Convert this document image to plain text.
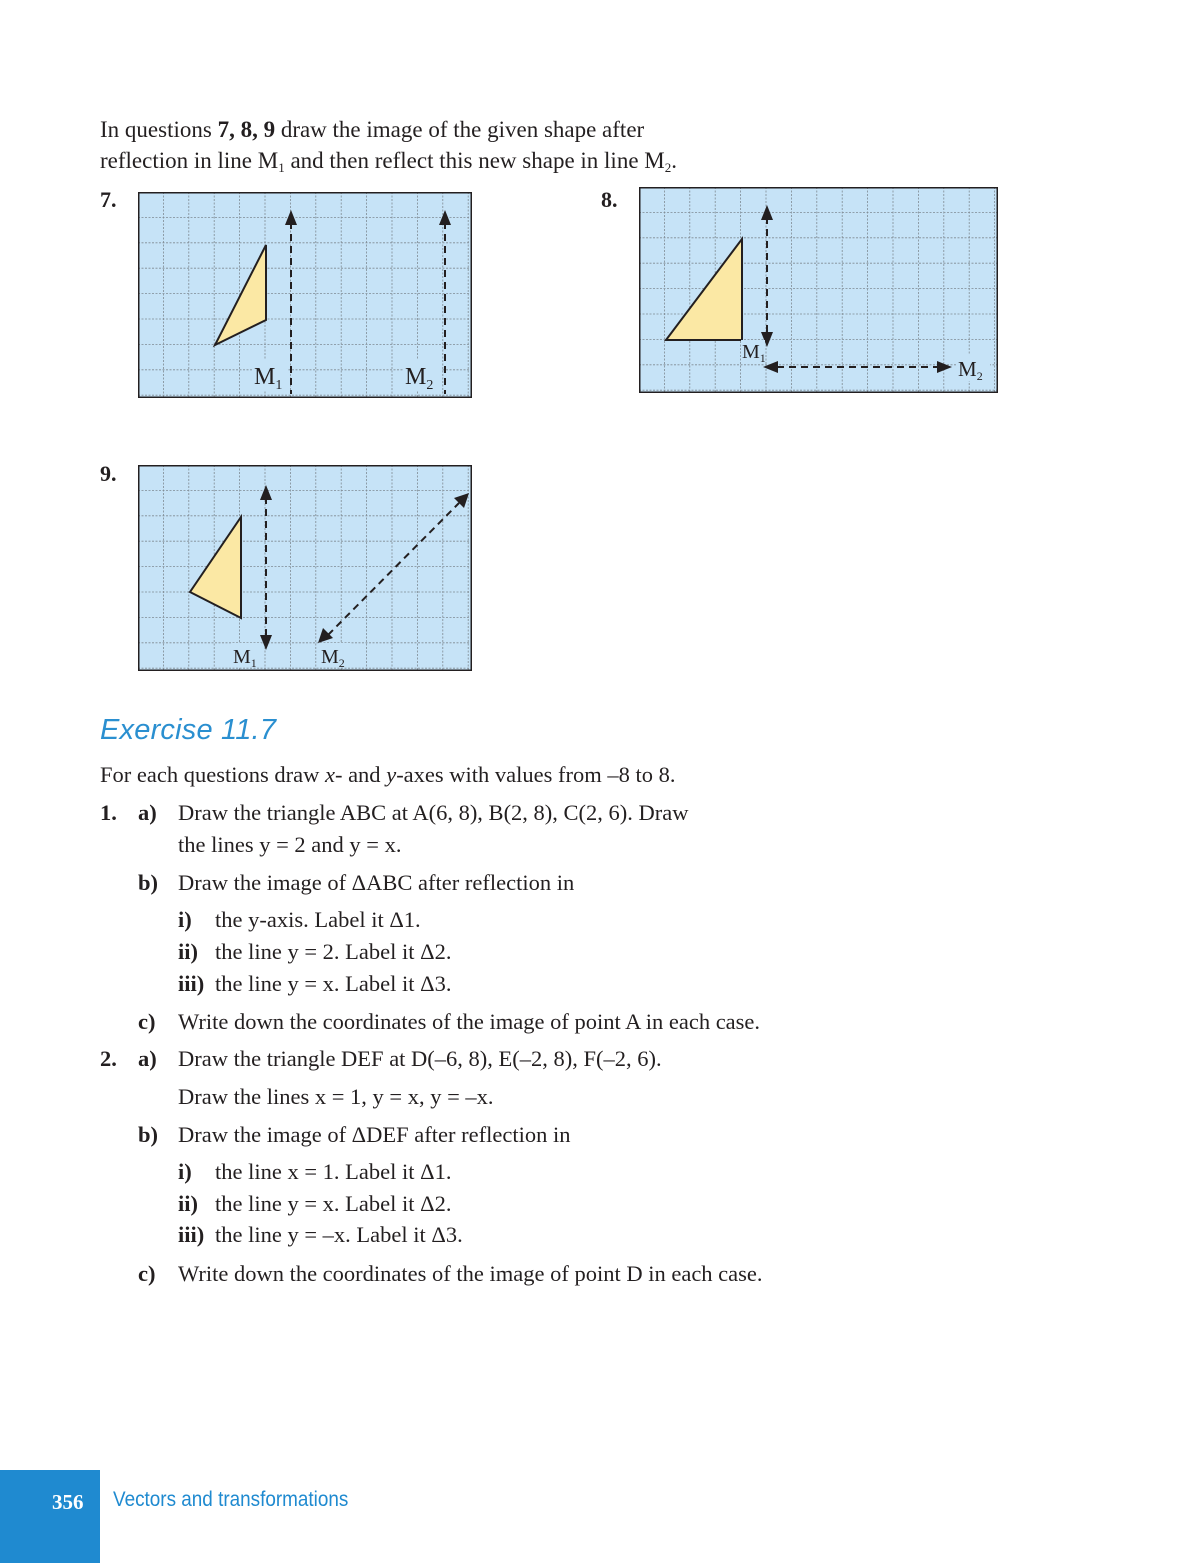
In questions 7, 8, 9 draw the image of the given shape after
reflection in line $M_1$ and then reflect this new shape in line $M_2$.
7.
$M_1$	$M_2$
8.
$M_1$	M2
9.
$M_1$	$M_2$
Exercise 11.7
For each questions draw x- and y-axes with values from –8 to 8.
1. a) Draw the triangle ABC at A(6, 8), B(2, 8), C(2, 6). Draw
the lines y = 2 and y = x.
b) Draw the image of ΔABC after reflection in
i) the y-axis. Label it Δ1.
ii) the line y = 2. Label it Δ2.
iii) the line y = x. Label it Δ3.
c) Write down the coordinates of the image of point A in each case.
2. a) Draw the triangle DEF at D(–6, 8), E(–2, 8), F(–2, 6).
Draw the lines x = 1, y = x, y = –x.
b) Draw the image of ΔDEF after reflection in
i) the line x = 1. Label it Δ1.
ii) the line y = x. Label it Δ2.
iii) the line y = –x. Label it Δ3.
c) Write down the coordinates of the image of point D in each case.
356 Vectors and transformations
